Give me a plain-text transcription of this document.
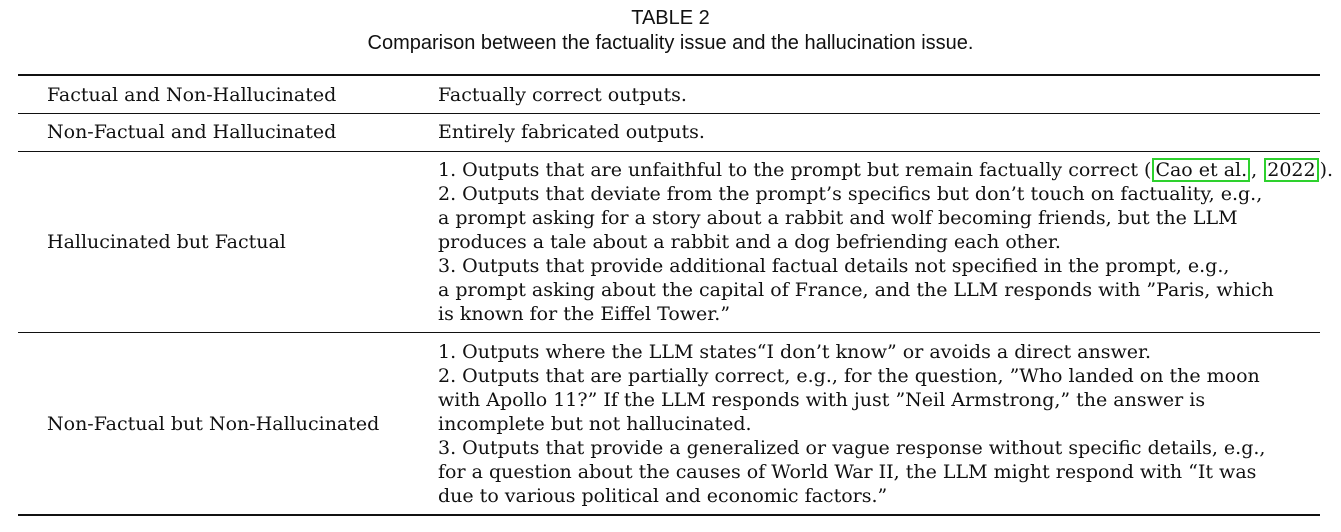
TABLE 2
Comparison between the factuality issue and the hallucination issue.
Factual and Non-Hallucinated	Factually correct outputs.
Non-Factual and Hallucinated	Entirely fabricated outputs.
Hallucinated but Factual
1. Outputs that are unfaithful to the prompt but remain factually correct ( Cao et al. , 2022 ).
2. Outputs that deviate from the prompt’s specifics but don’t touch on factuality, e.g.,
a prompt asking for a story about a rabbit and wolf becoming friends, but the LLM
produces a tale about a rabbit and a dog befriending each other.
3. Outputs that provide additional factual details not specified in the prompt, e.g.,
a prompt asking about the capital of France, and the LLM responds with ”Paris, which
is known for the Eiffel Tower.”
Non-Factual but Non-Hallucinated
1. Outputs where the LLM states“I don’t know” or avoids a direct answer.
2. Outputs that are partially correct, e.g., for the question, ”Who landed on the moon
with Apollo 11?” If the LLM responds with just ”Neil Armstrong,” the answer is
incomplete but not hallucinated.
3. Outputs that provide a generalized or vague response without specific details, e.g.,
for a question about the causes of World War II, the LLM might respond with “It was
due to various political and economic factors.”
